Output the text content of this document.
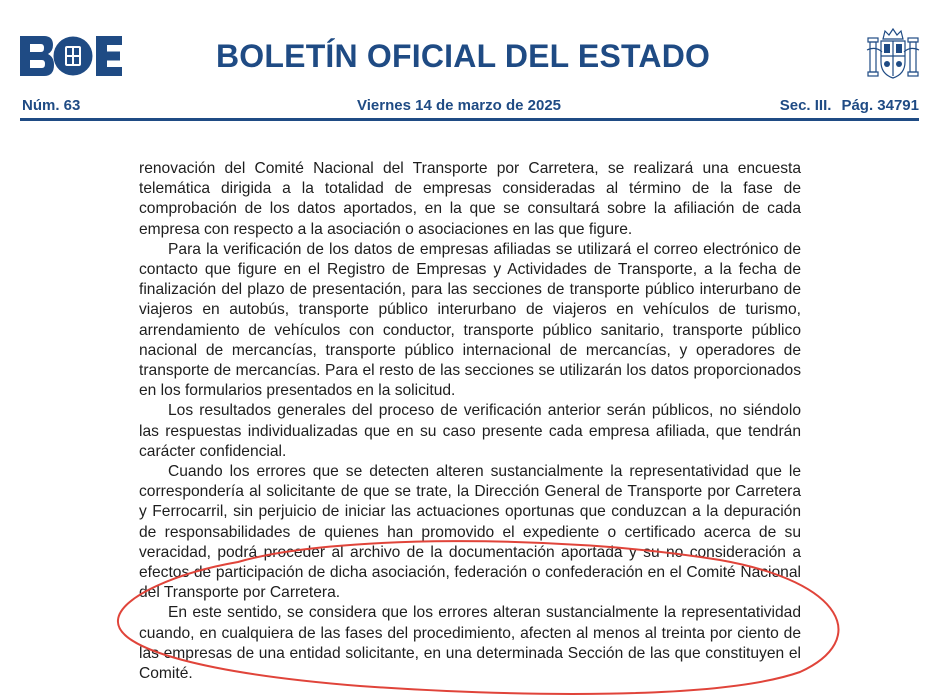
BOLETÍN OFICIAL DEL ESTADO
Núm. 63	Viernes 14 de marzo de 2025	Sec. III. Pág. 34791

renovación del Comité Nacional del Transporte por Carretera, se realizará una encuesta telemática dirigida a la totalidad de empresas consideradas al término de la fase de comprobación de los datos aportados, en la que se consultará sobre la afiliación de cada empresa con respecto a la asociación o asociaciones en las que figure.

Para la verificación de los datos de empresas afiliadas se utilizará el correo electrónico de contacto que figure en el Registro de Empresas y Actividades de Transporte, a la fecha de finalización del plazo de presentación, para las secciones de transporte público interurbano de viajeros en autobús, transporte público interurbano de viajeros en vehículos de turismo, arrendamiento de vehículos con conductor, transporte público sanitario, transporte público nacional de mercancías, transporte público internacional de mercancías, y operadores de transporte de mercancías. Para el resto de las secciones se utilizarán los datos proporcionados en los formularios presentados en la solicitud.

Los resultados generales del proceso de verificación anterior serán públicos, no siéndolo las respuestas individualizadas que en su caso presente cada empresa afiliada, que tendrán carácter confidencial.

Cuando los errores que se detecten alteren sustancialmente la representatividad que le correspondería al solicitante de que se trate, la Dirección General de Transporte por Carretera y Ferrocarril, sin perjuicio de iniciar las actuaciones oportunas que conduzcan a la depuración de responsabilidades de quienes han promovido el expediente o certificado acerca de su veracidad, podrá proceder al archivo de la documentación aportada y su no consideración a efectos de participación de dicha asociación, federación o confederación en el Comité Nacional del Transporte por Carretera.

En este sentido, se considera que los errores alteran sustancialmente la representatividad cuando, en cualquiera de las fases del procedimiento, afecten al menos al treinta por ciento de las empresas de una entidad solicitante, en una determinada Sección de las que constituyen el Comité.
